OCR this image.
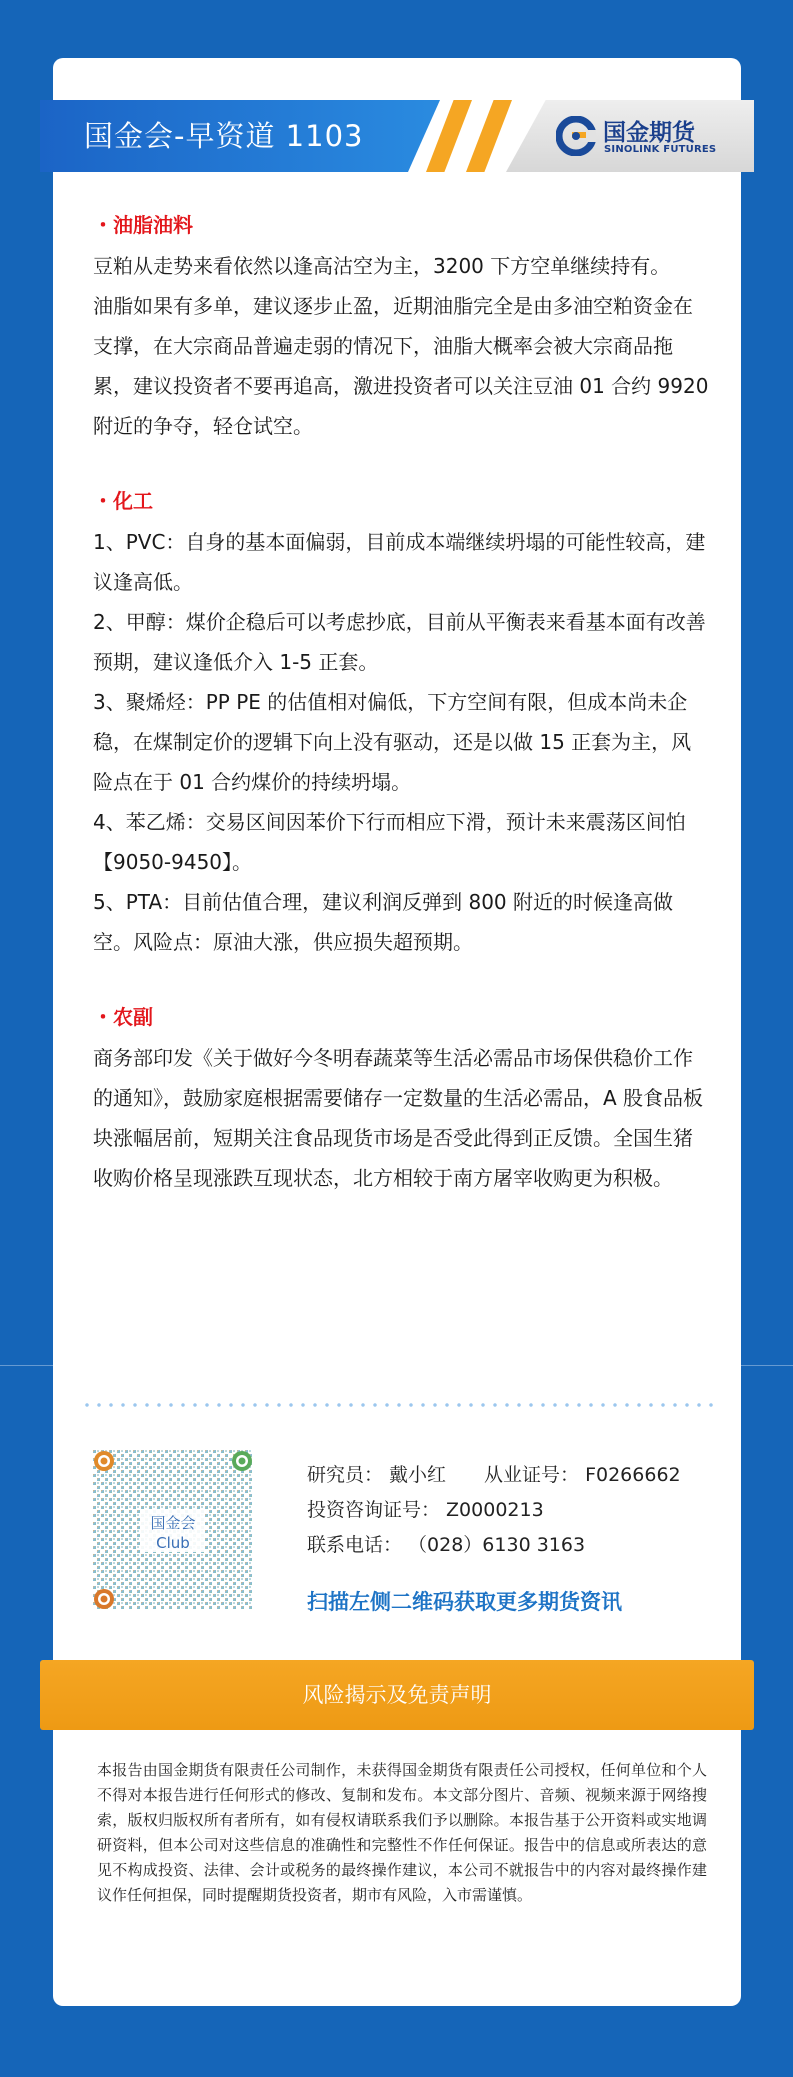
国金会-早资道 1103	国金期货
SINOLINK FUTURES
・油脂油料
豆粕从走势来看依然以逢高沽空为主，3200 下方空单继续持有。
油脂如果有多单，建议逐步止盈，近期油脂完全是由多油空粕资金在支撑，在大宗商品普遍走弱的情况下，油脂大概率会被大宗商品拖累，建议投资者不要再追高，激进投资者可以关注豆油 01 合约 9920 附近的争夺，轻仓试空。
・化工
1、PVC：自身的基本面偏弱，目前成本端继续坍塌的可能性较高，建议逢高低。
2、甲醇：煤价企稳后可以考虑抄底，目前从平衡表来看基本面有改善预期，建议逢低介入 1-5 正套。
3、聚烯烃：PP PE 的估值相对偏低，下方空间有限，但成本尚未企稳，在煤制定价的逻辑下向上没有驱动，还是以做 15 正套为主，风险点在于 01 合约煤价的持续坍塌。
4、苯乙烯：交易区间因苯价下行而相应下滑，预计未来震荡区间怕【9050-9450】。
5、PTA：目前估值合理，建议利润反弹到 800 附近的时候逢高做空。风险点：原油大涨，供应损失超预期。
・农副
商务部印发《关于做好今冬明春蔬菜等生活必需品市场保供稳价工作的通知》，鼓励家庭根据需要储存一定数量的生活必需品，A 股食品板块涨幅居前，短期关注食品现货市场是否受此得到正反馈。全国生猪收购价格呈现涨跌互现状态，北方相较于南方屠宰收购更为积极。
国金会
Club
研究员： 戴小红　　从业证号： F0266662
投资咨询证号： Z0000213
联系电话： （028）6130 3163
扫描左侧二维码获取更多期货资讯
风险揭示及免责声明
本报告由国金期货有限责任公司制作，未获得国金期货有限责任公司授权，任何单位和个人不得对本报告进行任何形式的修改、复制和发布。本文部分图片、音频、视频来源于网络搜索，版权归版权所有者所有，如有侵权请联系我们予以删除。本报告基于公开资料或实地调研资料，但本公司对这些信息的准确性和完整性不作任何保证。报告中的信息或所表达的意见不构成投资、法律、会计或税务的最终操作建议，本公司不就报告中的内容对最终操作建议作任何担保，同时提醒期货投资者，期市有风险，入市需谨慎。
